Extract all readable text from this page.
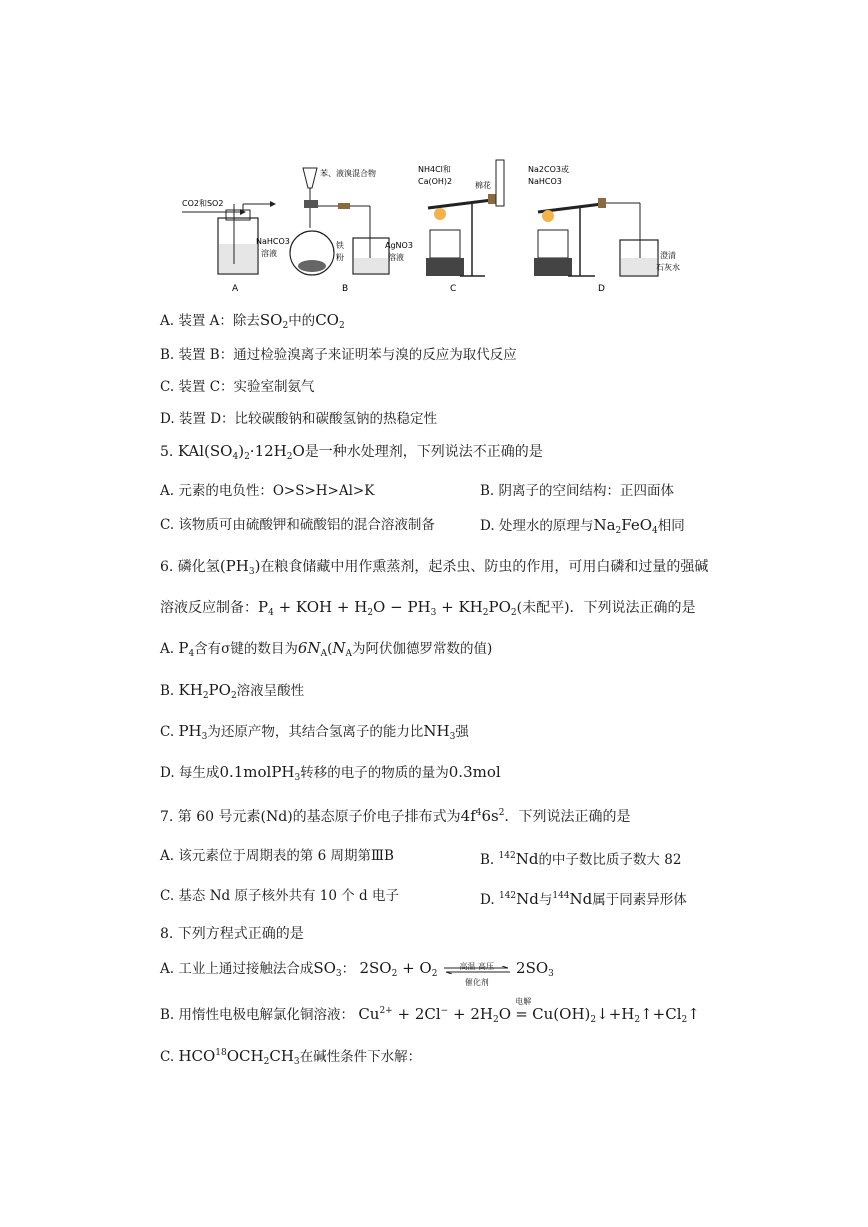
CO2和SO2
NaHCO3
溶液
A
苯、液溴混合物
铁
粉
AgNO3
溶液
B
NH4Cl和
Ca(OH)2	棉花
C
Na2CO3或
NaHCO3
澄清
石灰水
D
A. 装置 A：除去$SO_2$中的$CO_2$
B. 装置 B：通过检验溴离子来证明苯与溴的反应为取代反应
C. 装置 C：实验室制氨气
D. 装置 D：比较碳酸钠和碳酸氢钠的热稳定性
5. $KAl(SO_4)_2\cdot 12H_2O$是一种水处理剂，下列说法不正确的是
A. 元素的电负性：O>S>H>Al>K	B. 阴离子的空间结构：正四面体
C. 该物质可由硫酸钾和硫酸铝的混合溶液制备	D. 处理水的原理与$Na_2FeO_4$相同
6. 磷化氢$(PH_3)$在粮食储藏中用作熏蒸剂，起杀虫、防虫的作用，可用白磷和过量的强碱
溶液反应制备：$P_4$ + KOH + $H_2O - PH_3 + KH_2PO_2$(未配平)．下列说法正确的是
A. $P_4$含有σ键的数目为$6N_A(N_A$为阿伏伽德罗常数的值)
B. $KH_2PO_2$溶液呈酸性
C. $PH_3$为还原产物，其结合氢离子的能力比$NH_3$强
D. 每生成0.1molPH$_3$转移的电子的物质的量为0.3mol
7. 第 60 号元素(Nd)的基态原子价电子排布式为$4f^46s^2$．下列说法正确的是
A. 该元素位于周期表的第 6 周期第ⅢB	B. $^{142}$Nd的中子数比质子数大 82
C. 基态 Nd 原子核外共有 10 个 d 电子	D. $^{142}$Nd与$^{144}$Nd属于同素异形体
8. 下列方程式正确的是
A. 工业上通过接触法合成$SO_3$： $2SO_2 + O_2$
高温 高压
催化剂
$2SO_3$
B. 用惰性电极电解氯化铜溶液： $Cu^{2+} + 2Cl^- + 2H_2O$
电解
= $Cu(OH)_2↓+H_2↑+Cl_2↑$
C. $HCO^{18}OCH_2CH_3$在碱性条件下水解：
